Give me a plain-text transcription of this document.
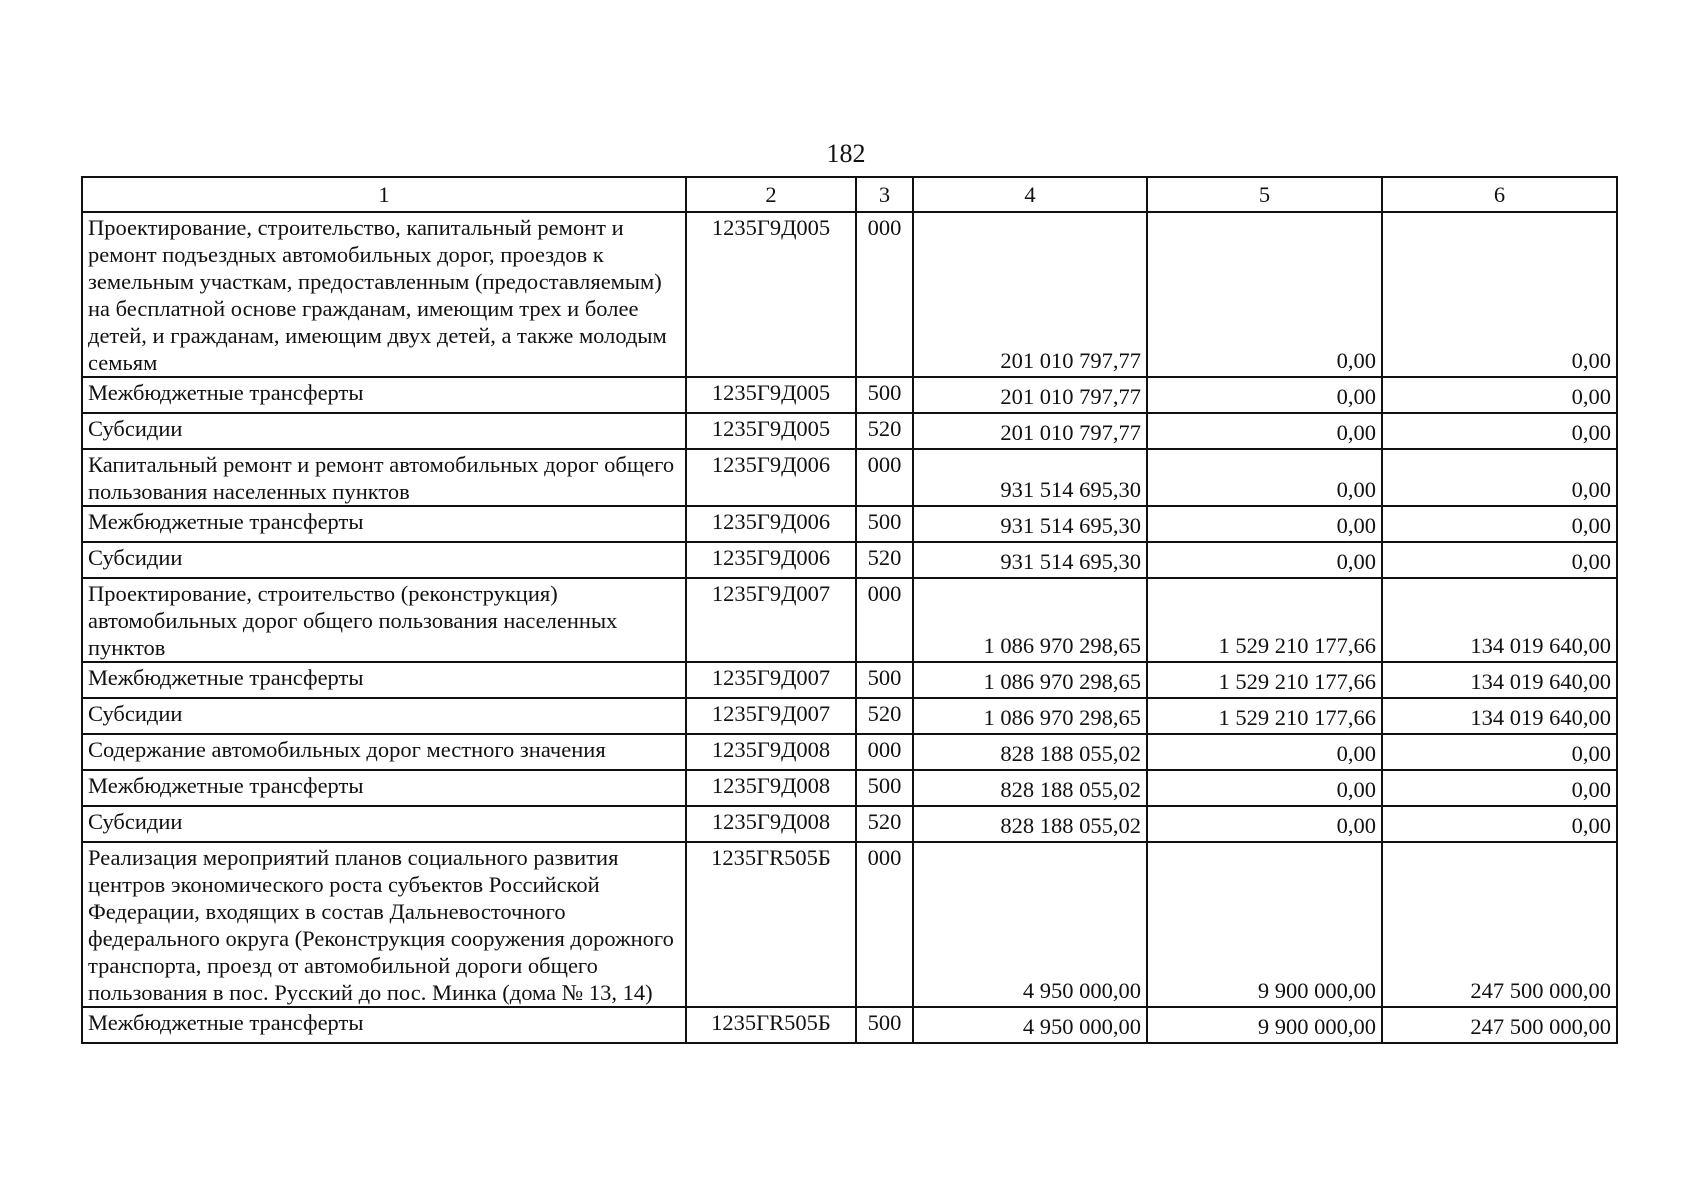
182
1	2	3	4	5	6
Проектирование, строительство, капитальный ремонт и ремонт подъездных автомобильных дорог, проездов к земельным участкам, предоставленным (предоставляемым) на бесплатной основе гражданам, имеющим трех и более детей, и гражданам, имеющим двух детей, а также молодым семьям	1235Г9Д005	000	201 010 797,77	0,00	0,00
Межбюджетные трансферты	1235Г9Д005	500	201 010 797,77	0,00	0,00
Субсидии	1235Г9Д005	520	201 010 797,77	0,00	0,00
Капитальный ремонт и ремонт автомобильных дорог общего пользования населенных пунктов	1235Г9Д006	000	931 514 695,30	0,00	0,00
Межбюджетные трансферты	1235Г9Д006	500	931 514 695,30	0,00	0,00
Субсидии	1235Г9Д006	520	931 514 695,30	0,00	0,00
Проектирование, строительство (реконструкция) автомобильных дорог общего пользования населенных пунктов	1235Г9Д007	000	1 086 970 298,65	1 529 210 177,66	134 019 640,00
Межбюджетные трансферты	1235Г9Д007	500	1 086 970 298,65	1 529 210 177,66	134 019 640,00
Субсидии	1235Г9Д007	520	1 086 970 298,65	1 529 210 177,66	134 019 640,00
Содержание автомобильных дорог местного значения	1235Г9Д008	000	828 188 055,02	0,00	0,00
Межбюджетные трансферты	1235Г9Д008	500	828 188 055,02	0,00	0,00
Субсидии	1235Г9Д008	520	828 188 055,02	0,00	0,00
Реализация мероприятий планов социального развития центров экономического роста субъектов Российской Федерации, входящих в состав Дальневосточного федерального округа (Реконструкция сооружения дорожного транспорта, проезд от автомобильной дороги общего пользования в пос. Русский до пос. Минка (дома № 13, 14)	1235ГR505Б	000	4 950 000,00	9 900 000,00	247 500 000,00
Межбюджетные трансферты	1235ГR505Б	500	4 950 000,00	9 900 000,00	247 500 000,00
